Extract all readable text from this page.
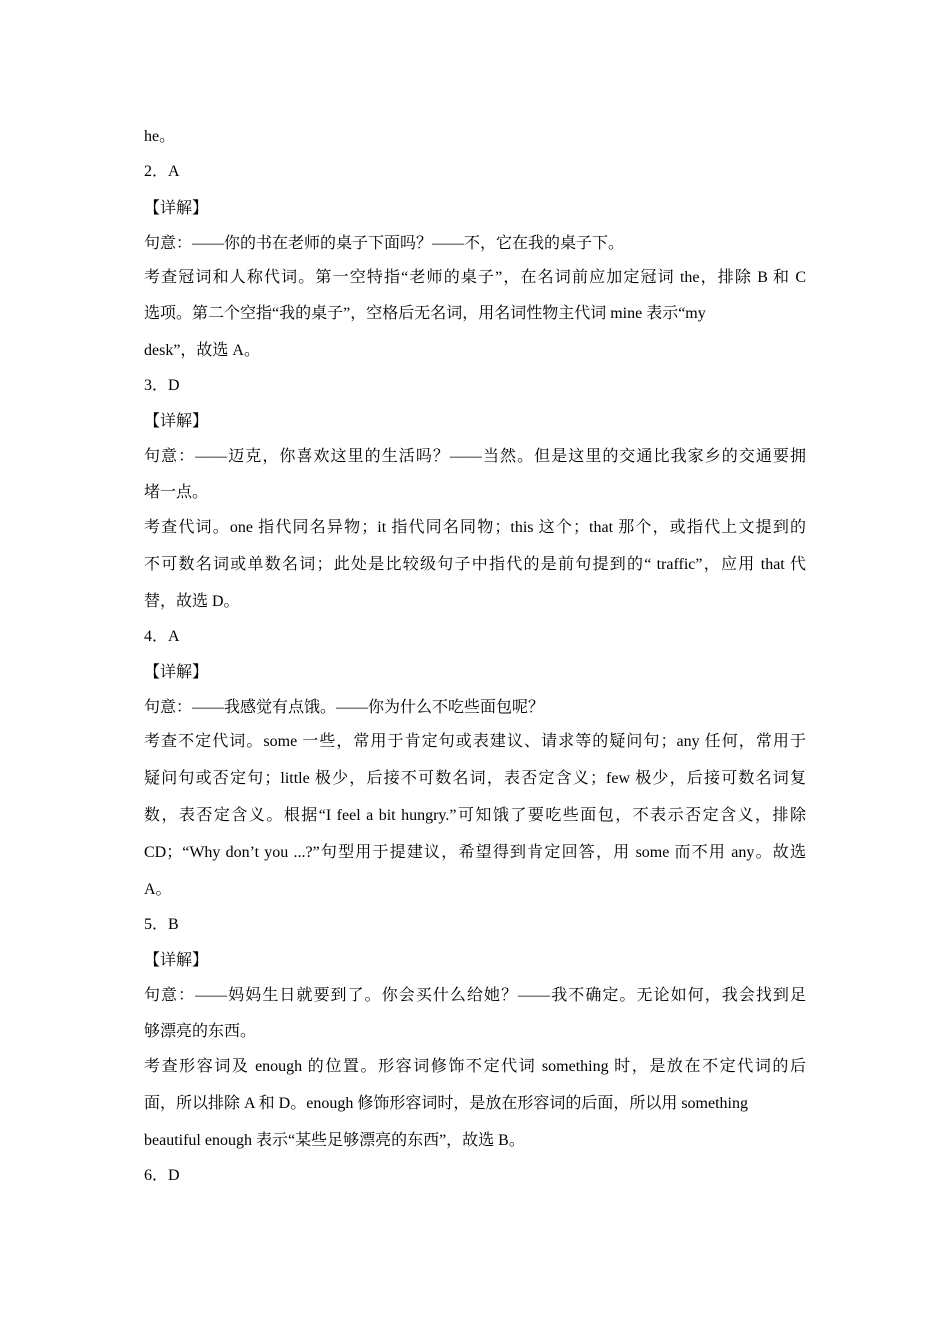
he。
2．A
【详解】
句意：——你的书在老师的桌子下面吗？——不，它在我的桌子下。
考查冠词和人称代词。第一空特指“老师的桌子”，在名词前应加定冠词 the，排除 B 和 C
选项。第二个空指“我的桌子”，空格后无名词，用名词性物主代词 mine 表示“my
desk”，故选 A。
3．D
【详解】
句意：——迈克，你喜欢这里的生活吗？——当然。但是这里的交通比我家乡的交通要拥
堵一点。
考查代词。one 指代同名异物；it 指代同名同物；this 这个；that 那个，或指代上文提到的
不可数名词或单数名词；此处是比较级句子中指代的是前句提到的“ traffic”，应用 that 代
替，故选 D。
4．A
【详解】
句意：——我感觉有点饿。——你为什么不吃些面包呢？
考查不定代词。some 一些，常用于肯定句或表建议、请求等的疑问句；any 任何，常用于
疑问句或否定句；little 极少，后接不可数名词，表否定含义；few 极少，后接可数名词复
数，表否定含义。根据“I feel a bit hungry.”可知饿了要吃些面包，不表示否定含义，排除
CD；“Why don’t you ...?”句型用于提建议，希望得到肯定回答，用 some 而不用 any。故选
A。
5．B
【详解】
句意：——妈妈生日就要到了。你会买什么给她？——我不确定。无论如何，我会找到足
够漂亮的东西。
考查形容词及 enough 的位置。形容词修饰不定代词 something 时，是放在不定代词的后
面，所以排除 A 和 D。enough 修饰形容词时，是放在形容词的后面，所以用 something
beautiful enough 表示“某些足够漂亮的东西”，故选 B。
6．D
